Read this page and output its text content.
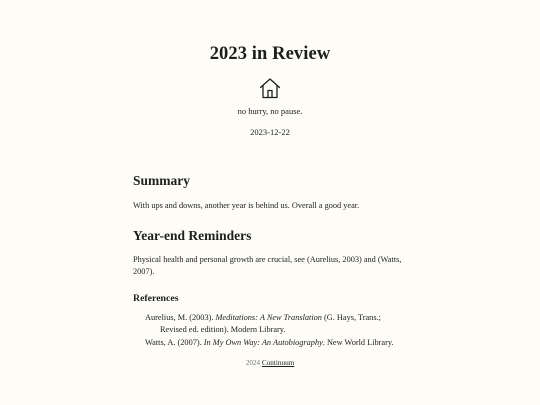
2023 in Review
no hurry, no pause.
2023-12-22
Summary

With ups and downs, another year is behind us. Overall a good year.

Year-end Reminders

Physical health and personal growth are crucial, see (Aurelius, 2003) and (Watts, 2007).

References
Aurelius, M. (2003). Meditations: A New Translation (G. Hays, Trans.; Revised ed. edition). Modern Library.
Watts, A. (2007). In My Own Way: An Autobiography. New World Library.
2024 Continuum
